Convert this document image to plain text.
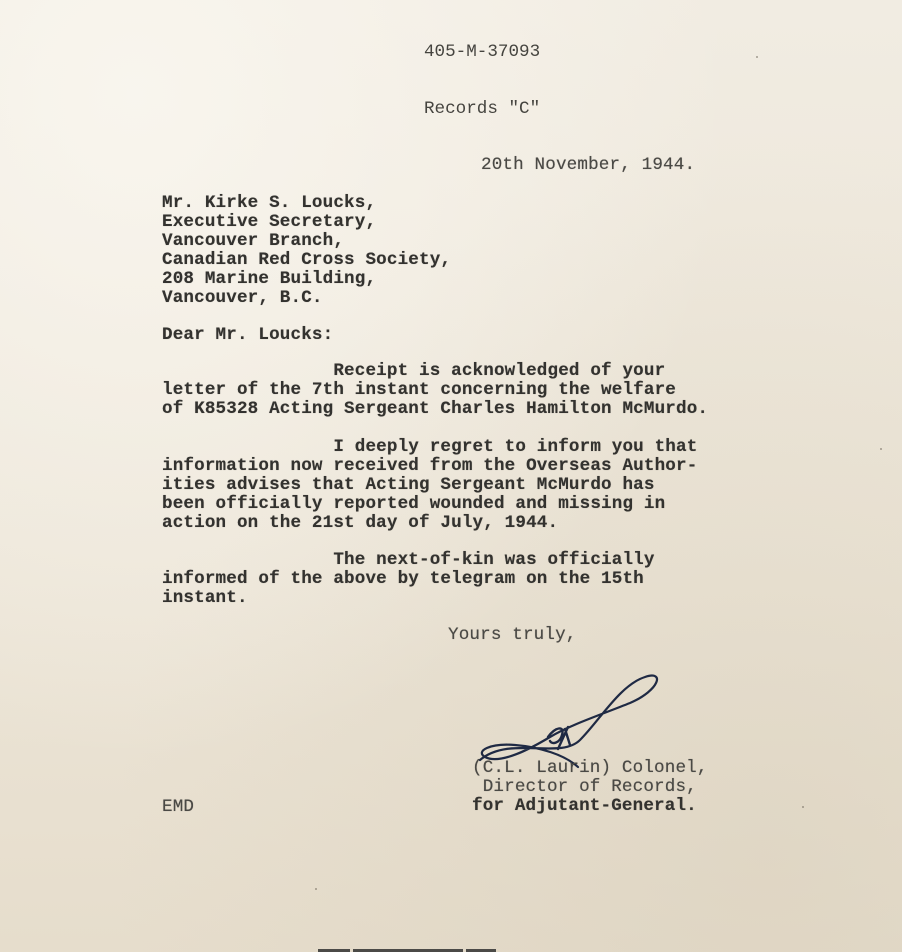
405-M-37093

Records "C"

20th November, 1944.
Mr. Kirke S. Loucks,
Executive Secretary,
Vancouver Branch,
Canadian Red Cross Society,
208 Marine Building,
Vancouver, B.C.
Dear Mr. Loucks:
Receipt is acknowledged of your
letter of the 7th instant concerning the welfare
of K85328 Acting Sergeant Charles Hamilton McMurdo.
I deeply regret to inform you that
information now received from the Overseas Author-
ities advises that Acting Sergeant McMurdo has
been officially reported wounded and missing in
action on the 21st day of July, 1944.
The next-of-kin was officially
informed of the above by telegram on the 15th
instant.
Yours truly,
(C.L. Laurin) Colonel,
Director of Records,
for Adjutant-General.
EMD
